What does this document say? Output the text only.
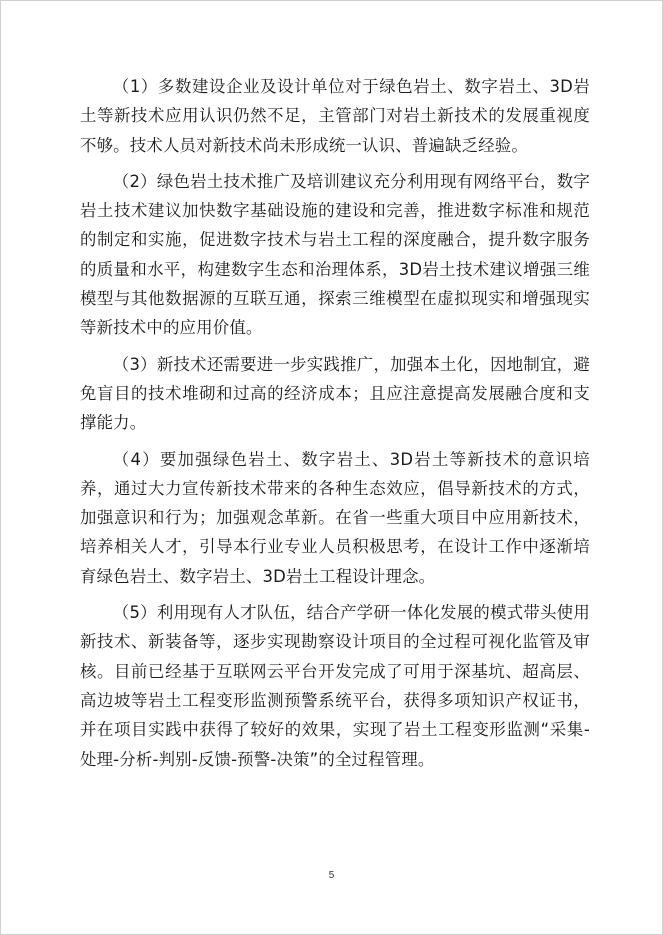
（1）多数建设企业及设计单位对于绿色岩土、数字岩土、3D岩土等新技术应用认识仍然不足，主管部门对岩土新技术的发展重视度不够。技术人员对新技术尚未形成统一认识、普遍缺乏经验。

（2）绿色岩土技术推广及培训建议充分利用现有网络平台，数字岩土技术建议加快数字基础设施的建设和完善，推进数字标准和规范的制定和实施，促进数字技术与岩土工程的深度融合，提升数字服务的质量和水平，构建数字生态和治理体系，3D岩土技术建议增强三维模型与其他数据源的互联互通，探索三维模型在虚拟现实和增强现实等新技术中的应用价值。

（3）新技术还需要进一步实践推广，加强本土化，因地制宜，避免盲目的技术堆砌和过高的经济成本；且应注意提高发展融合度和支撑能力。

（4）要加强绿色岩土、数字岩土、3D岩土等新技术的意识培养，通过大力宣传新技术带来的各种生态效应，倡导新技术的方式，加强意识和行为；加强观念革新。在省一些重大项目中应用新技术，培养相关人才，引导本行业专业人员积极思考，在设计工作中逐渐培育绿色岩土、数字岩土、3D岩土工程设计理念。

（5）利用现有人才队伍，结合产学研一体化发展的模式带头使用新技术、新装备等，逐步实现勘察设计项目的全过程可视化监管及审核。目前已经基于互联网云平台开发完成了可用于深基坑、超高层、高边坡等岩土工程变形监测预警系统平台，获得多项知识产权证书，并在项目实践中获得了较好的效果，实现了岩土工程变形监测“采集-处理-分析-判别-反馈-预警-决策”的全过程管理。

5
